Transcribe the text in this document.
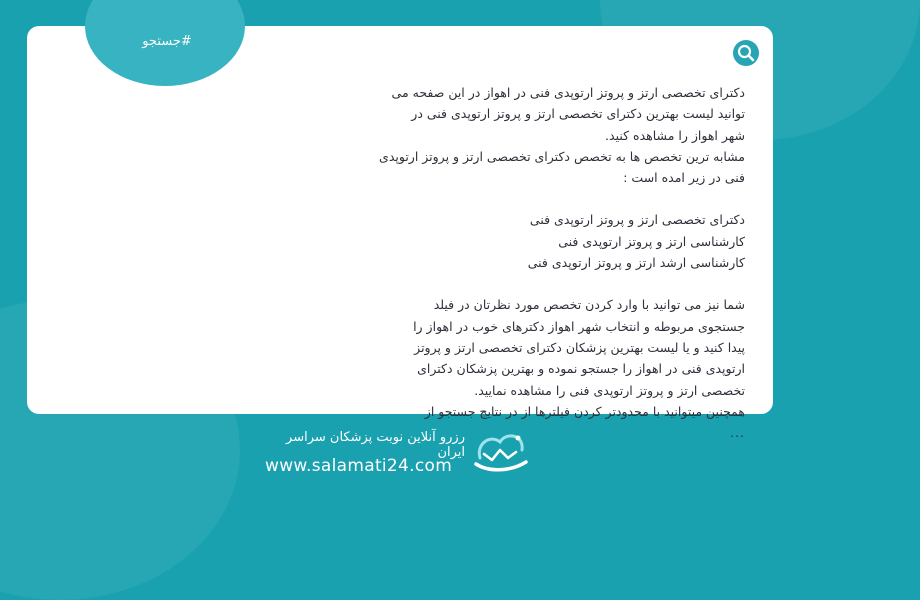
#جستجو

دکترای تخصصی ارتز و پروتز ارتوپدی فنی در اهواز در این صفحه می

توانید لیست بهترین دکترای تخصصی ارتز و پروتز ارتوپدی فنی در

شهر اهواز را مشاهده کنید.

مشابه ترین تخصص ها به تخصص دکترای تخصصی ارتز و پروتز ارتوپدی

فنی در زیر امده است :

دکترای تخصصی ارتز و پروتز ارتوپدی فنی

کارشناسی ارتز و پروتز ارتوپدی فنی

کارشناسی ارشد ارتز و پروتز ارتوپدی فنی

شما نیز می توانید با وارد کردن تخصص مورد نظرتان در فیلد

جستجوی مربوطه و انتخاب شهر اهواز دکترهای خوب در اهواز را

پیدا کنید و یا لیست بهترین پزشکان دکترای تخصصی ارتز و پروتز

ارتوپدی فنی در اهواز را جستجو نموده و بهترین پزشکان دکترای

تخصصی ارتز و پروتز ارتوپدی فنی را مشاهده نمایید.

همچنین میتوانید با محدودتر کردن فیلترها از در نتایج جستجو از

...

رزرو آنلاین نوبت پزشکان سراسر ایران
www.salamati24.com
